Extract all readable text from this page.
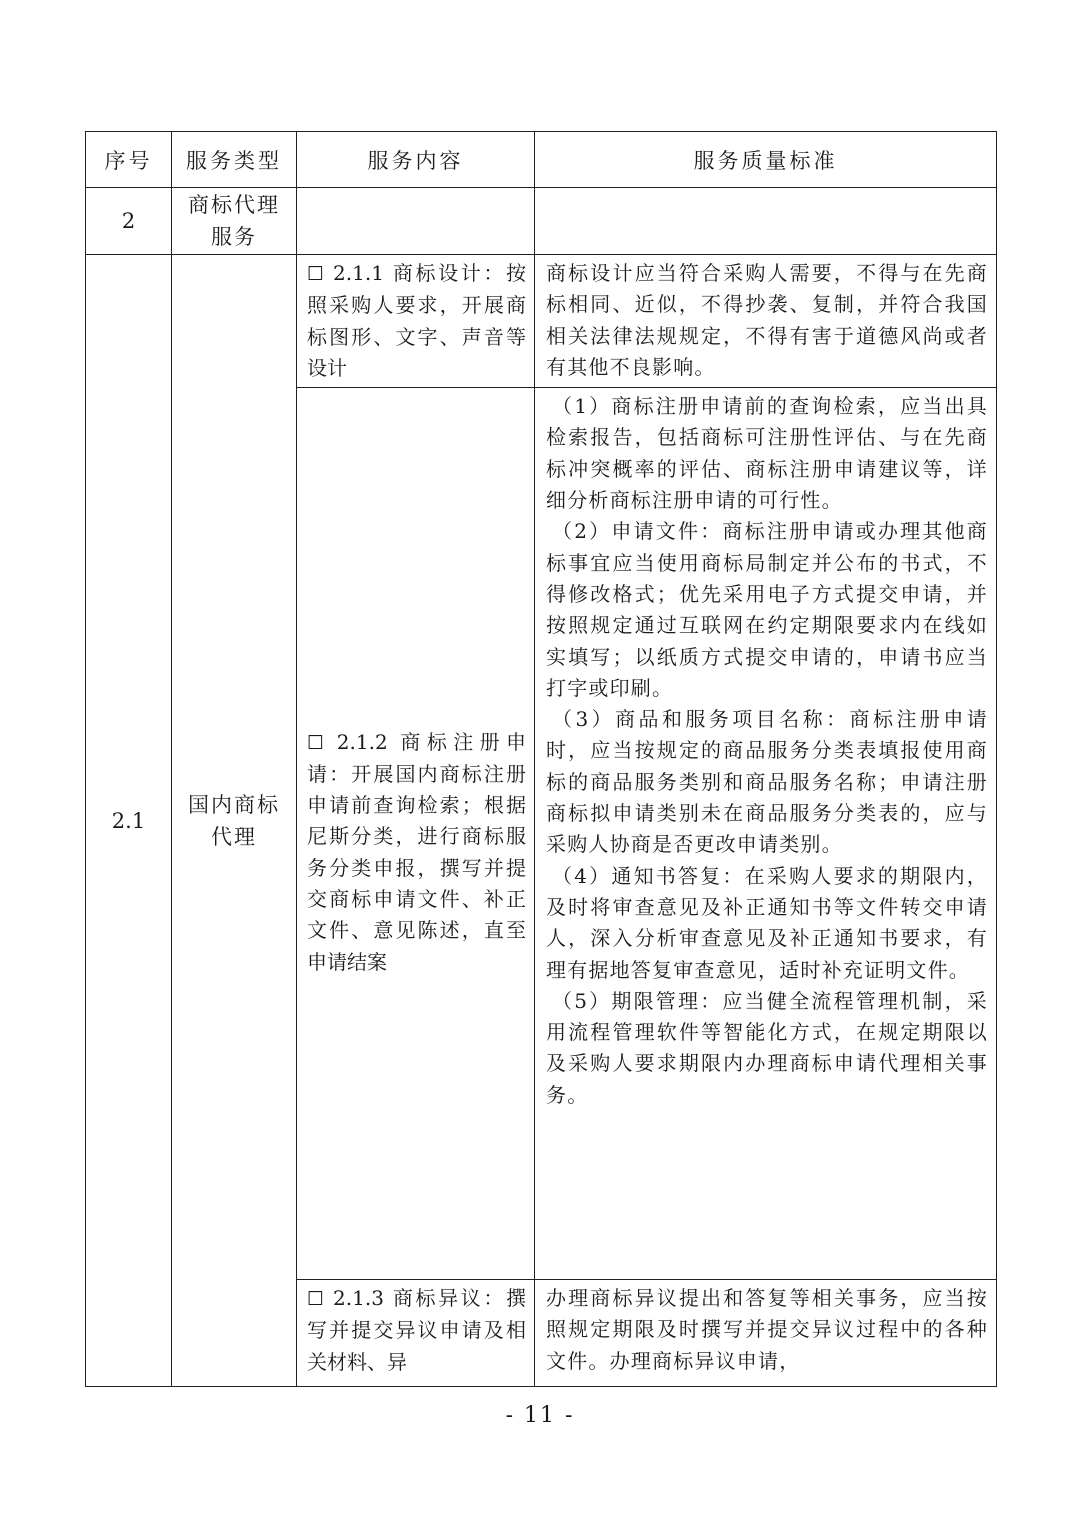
序号	服务类型	服务内容	服务质量标准
2	商标代理服务		
2.1	国内商标代理	☐ 2.1.1 商标设计：按照采购人要求，开展商标图形、文字、声音等设计	商标设计应当符合采购人需要，不得与在先商标相同、近似，不得抄袭、复制，并符合我国相关法律法规规定，不得有害于道德风尚或者有其他不良影响。

		☐ 2.1.2 商标注册申请：开展国内商标注册申请前查询检索；根据尼斯分类，进行商标服务分类申报，撰写并提交商标申请文件、补正文件、意见陈述，直至申请结案	（1）商标注册申请前的查询检索，应当出具检索报告，包括商标可注册性评估、与在先商标冲突概率的评估、商标注册申请建议等，详细分析商标注册申请的可行性。
（2）申请文件：商标注册申请或办理其他商标事宜应当使用商标局制定并公布的书式，不得修改格式；优先采用电子方式提交申请，并按照规定通过互联网在约定期限要求内在线如实填写；以纸质方式提交申请的，申请书应当打字或印刷。
（3）商品和服务项目名称：商标注册申请时，应当按规定的商品服务分类表填报使用商标的商品服务类别和商品服务名称；申请注册商标拟申请类别未在商品服务分类表的，应与采购人协商是否更改申请类别。
（4）通知书答复：在采购人要求的期限内，及时将审查意见及补正通知书等文件转交申请人，深入分析审查意见及补正通知书要求，有理有据地答复审查意见，适时补充证明文件。
（5）期限管理：应当健全流程管理机制，采用流程管理软件等智能化方式，在规定期限以及采购人要求期限内办理商标申请代理相关事务。

		☐ 2.1.3 商标异议：撰写并提交异议申请及相关材料、异	办理商标异议提出和答复等相关事务，应当按照规定期限及时撰写并提交异议过程中的各种文件。办理商标异议申请，
- 11 -
